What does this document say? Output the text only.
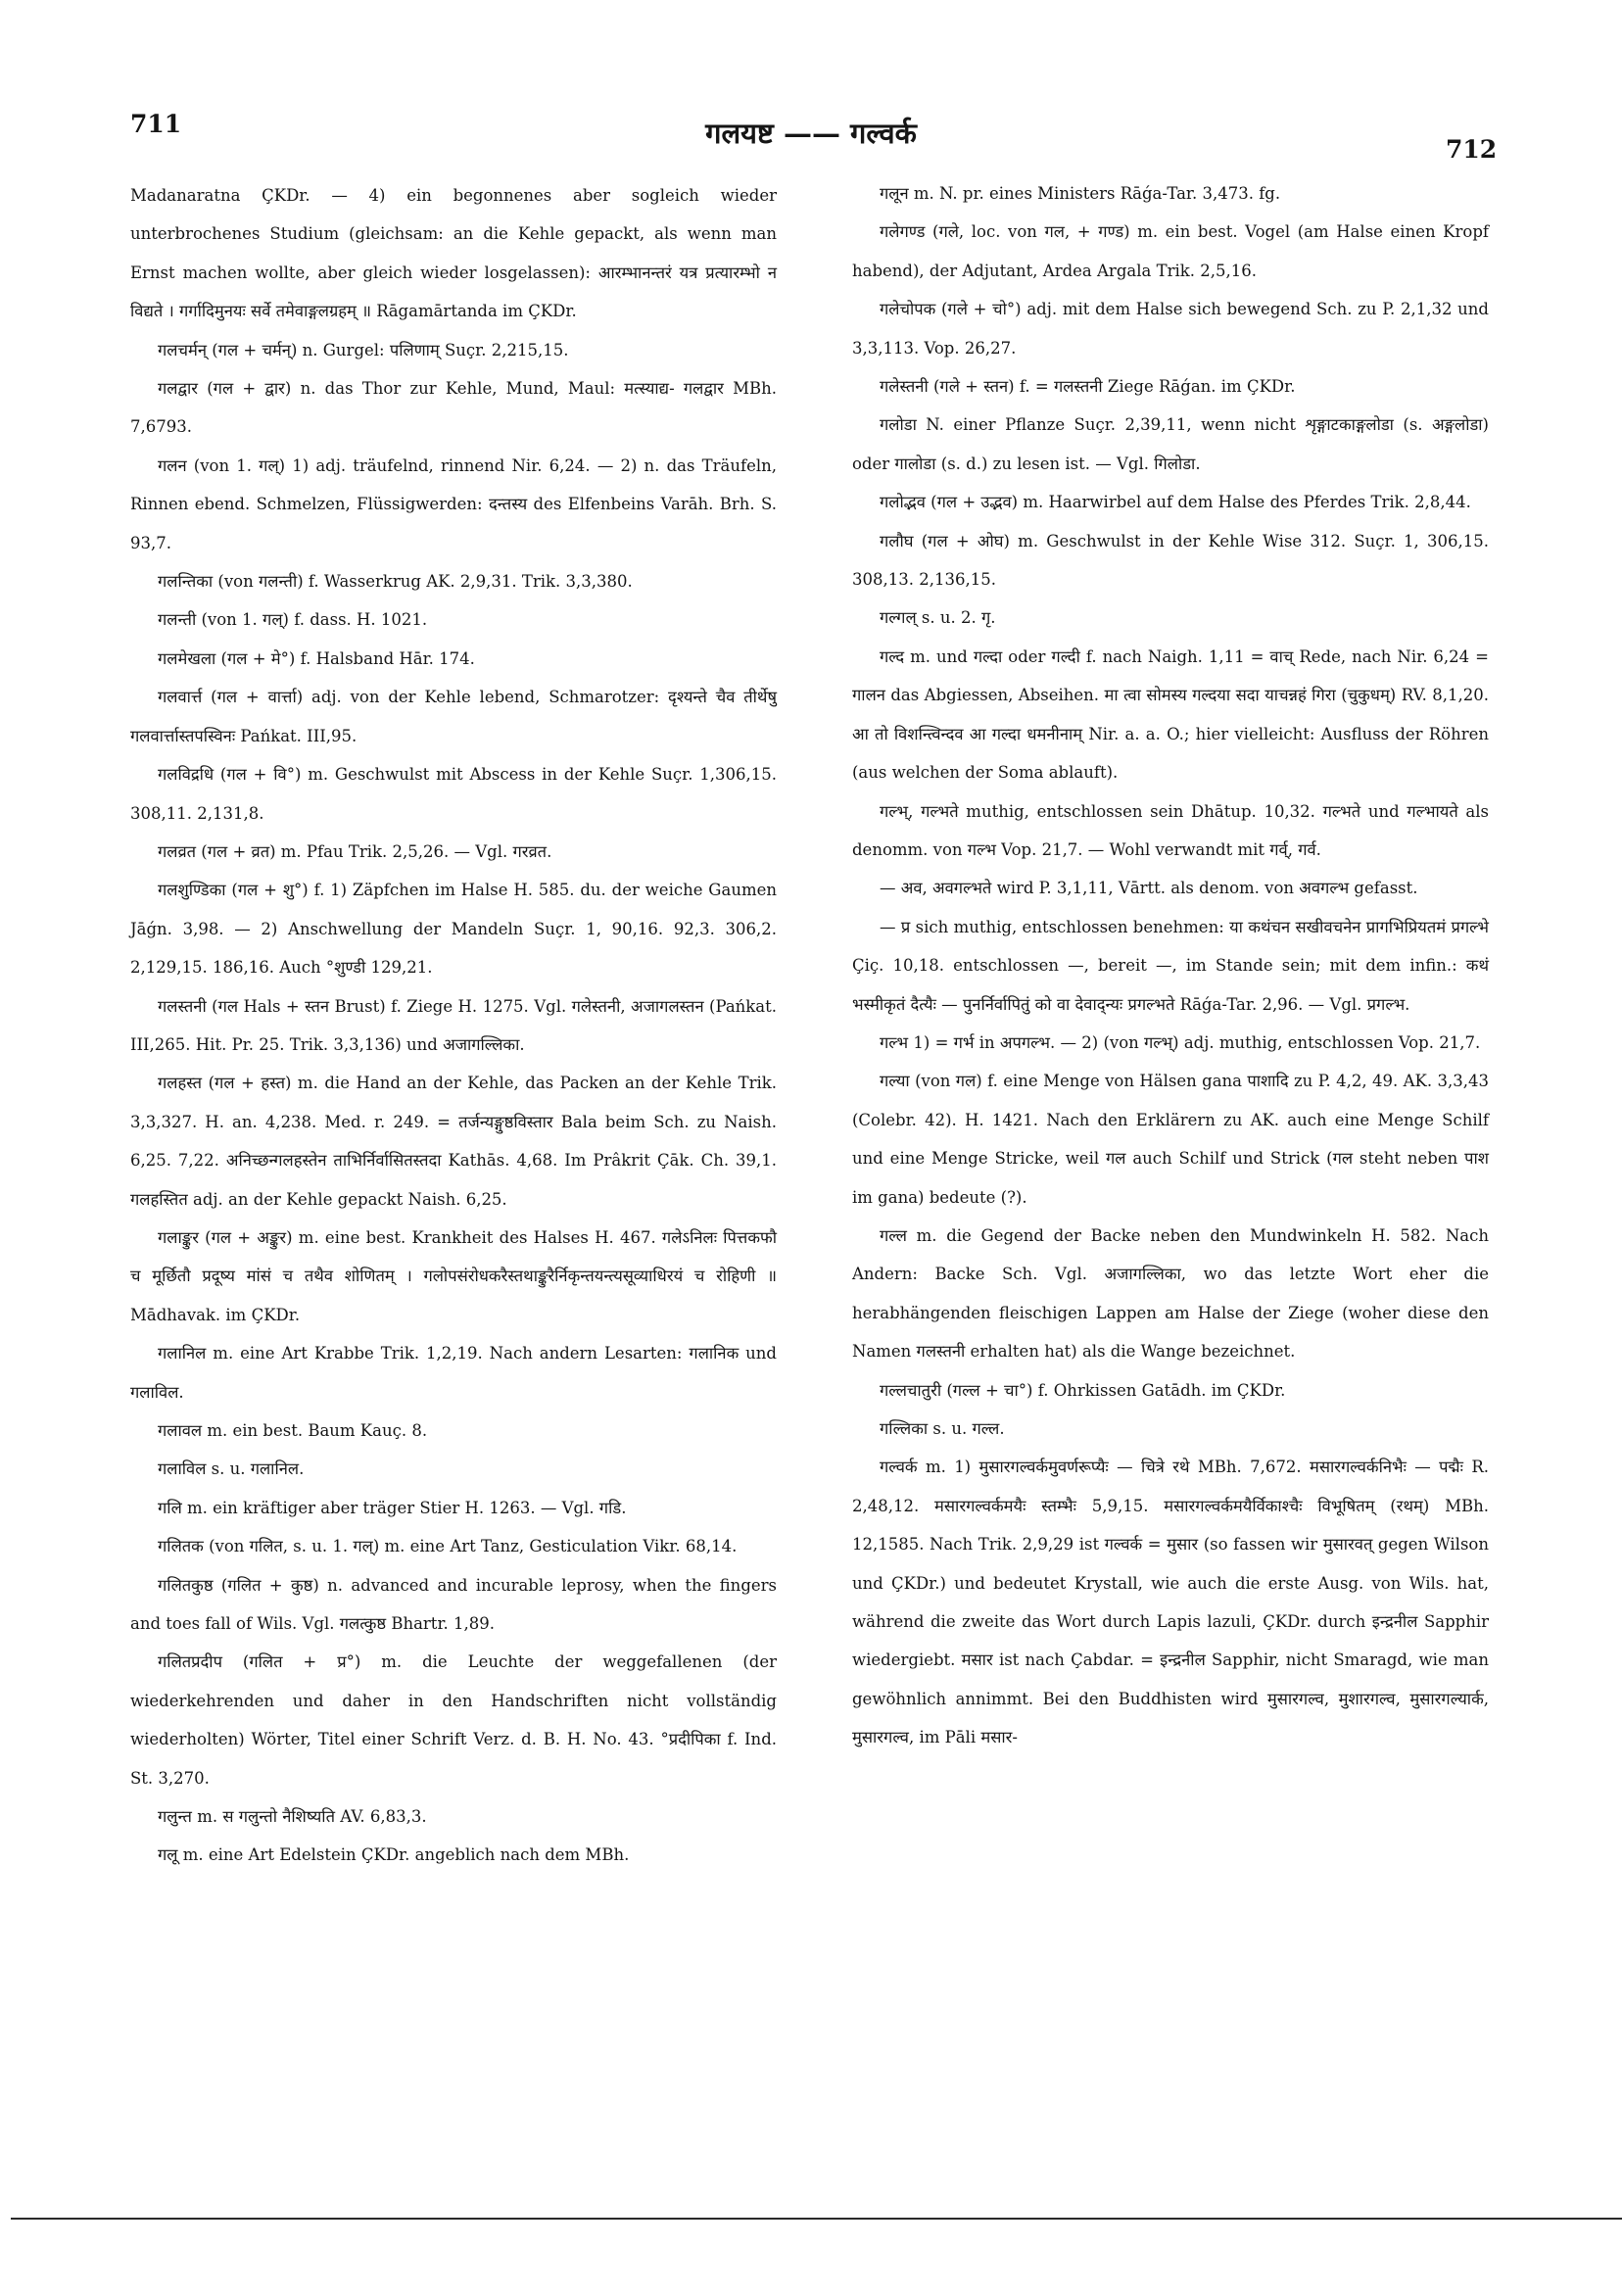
711	गलयष्ट —— गल्वर्क	712

Madanaratna ÇKDr. — 4) ein begonnenes aber sogleich wieder unterbrochenes Studium (gleichsam: an die Kehle gepackt, als wenn man Ernst machen wollte, aber gleich wieder losgelassen): आरम्भानन्तरं यत्र प्रत्यारम्भो न विद्यते । गर्गादिमुनयः सर्वे तमेवाङ्गलग्रहम् ॥ Rāgamārtanda im ÇKDr.

गलचर्मन् (गल + चर्मन्) n. Gurgel: पलिणाम् Suçr. 2,215,15.

गलद्वार (गल + द्वार) n. das Thor zur Kehle, Mund, Maul: मत्स्याद्य- गलद्वार MBh. 7,6793.

गलन (von 1. गल्) 1) adj. träufelnd, rinnend Nir. 6,24. — 2) n. das Träufeln, Rinnen ebend. Schmelzen, Flüssigwerden: दन्तस्य des Elfenbeins Varāh. Brh. S. 93,7.

गलन्तिका (von गलन्ती) f. Wasserkrug AK. 2,9,31. Trik. 3,3,380.

गलन्ती (von 1. गल्) f. dass. H. 1021.

गलमेखला (गल + मे°) f. Halsband Hār. 174.

गलवार्त्त (गल + वार्त्ता) adj. von der Kehle lebend, Schmarotzer: दृश्यन्ते चैव तीर्थेषु गलवार्त्तास्तपस्विनः Pańkat. III,95.

गलविद्रधि (गल + वि°) m. Geschwulst mit Abscess in der Kehle Suçr. 1,306,15. 308,11. 2,131,8.

गलव्रत (गल + व्रत) m. Pfau Trik. 2,5,26. — Vgl. गरव्रत.

गलशुण्डिका (गल + शु°) f. 1) Zäpfchen im Halse H. 585. du. der weiche Gaumen Jāǵn. 3,98. — 2) Anschwellung der Mandeln Suçr. 1, 90,16. 92,3. 306,2. 2,129,15. 186,16. Auch °शुण्डी 129,21.

गलस्तनी (गल Hals + स्तन Brust) f. Ziege H. 1275. Vgl. गलेस्तनी, अजागलस्तन (Pańkat. III,265. Hit. Pr. 25. Trik. 3,3,136) und अजागल्लिका.

गलहस्त (गल + हस्त) m. die Hand an der Kehle, das Packen an der Kehle Trik. 3,3,327. H. an. 4,238. Med. r. 249. = तर्जन्यङ्गुष्ठविस्तार Bala beim Sch. zu Naish. 6,25. 7,22. अनिच्छन्गलहस्तेन ताभिर्निर्वासितस्तदा Kathās. 4,68. Im Prâkrit Çāk. Ch. 39,1. गलहस्तित adj. an der Kehle gepackt Naish. 6,25.

गलाङ्कुर (गल + अङ्कुर) m. eine best. Krankheit des Halses H. 467. गलेऽनिलः पित्तकफौ च मूर्छितौ प्रदूष्य मांसं च तथैव शोणितम् । गलोपसंरोधकरैस्तथाङ्कुरैर्निकृन्तयन्त्यसूव्याधिरयं च रोहिणी ॥ Mādhavak. im ÇKDr.

गलानिल m. eine Art Krabbe Trik. 1,2,19. Nach andern Lesarten: गलानिक und गलाविल.

गलावल m. ein best. Baum Kauç. 8.

गलाविल s. u. गलानिल.

गलि m. ein kräftiger aber träger Stier H. 1263. — Vgl. गडि.

गलितक (von गलित, s. u. 1. गल्) m. eine Art Tanz, Gesticulation Vikr. 68,14.

गलितकुष्ठ (गलित + कुष्ठ) n. advanced and incurable leprosy, when the fingers and toes fall of Wils. Vgl. गलत्कुष्ठ Bhartr. 1,89.

गलितप्रदीप (गलित + प्र°) m. die Leuchte der weggefallenen (der wiederkehrenden und daher in den Handschriften nicht vollständig wiederholten) Wörter, Titel einer Schrift Verz. d. B. H. No. 43. °प्रदीपिका f. Ind. St. 3,270.

गलुन्त m. स गलुन्तो नैशिष्यति AV. 6,83,3.

गलू m. eine Art Edelstein ÇKDr. angeblich nach dem MBh.

गलून m. N. pr. eines Ministers Rāǵa-Tar. 3,473. fg.

गलेगण्ड (गले, loc. von गल, + गण्ड) m. ein best. Vogel (am Halse einen Kropf habend), der Adjutant, Ardea Argala Trik. 2,5,16.

गलेचोपक (गले + चो°) adj. mit dem Halse sich bewegend Sch. zu P. 2,1,32 und 3,3,113. Vop. 26,27.

गलेस्तनी (गले + स्तन) f. = गलस्तनी Ziege Rāǵan. im ÇKDr.

गलोडा N. einer Pflanze Suçr. 2,39,11, wenn nicht शृङ्गाटकाङ्गलोडा (s. अङ्गलोडा) oder गालोडा (s. d.) zu lesen ist. — Vgl. गिलोडा.

गलोद्भव (गल + उद्भव) m. Haarwirbel auf dem Halse des Pferdes Trik. 2,8,44.

गलौघ (गल + ओघ) m. Geschwulst in der Kehle Wise 312. Suçr. 1, 306,15. 308,13. 2,136,15.

गल्गल् s. u. 2. गृ.

गल्द m. und गल्दा oder गल्दी f. nach Naigh. 1,11 = वाच् Rede, nach Nir. 6,24 = गालन das Abgiessen, Abseihen. मा त्वा सोमस्य गल्दया सदा याचन्नहं गिरा (चुकुधम्) RV. 8,1,20. आ तो विशन्त्विन्दव आ गल्दा धमनीनाम् Nir. a. a. O.; hier vielleicht: Ausfluss der Röhren (aus welchen der Soma ablauft).

गल्भ्, गल्भते muthig, entschlossen sein Dhātup. 10,32. गल्भते und गल्भायते als denomm. von गल्भ Vop. 21,7. — Wohl verwandt mit गर्व्, गर्व.

— अव, अवगल्भते wird P. 3,1,11, Vārtt. als denom. von अवगल्भ gefasst.

— प्र sich muthig, entschlossen benehmen: या कथंचन सखीवचनेन प्रागभिप्रियतमं प्रगल्भे Çiç. 10,18. entschlossen —, bereit —, im Stande sein; mit dem infin.: कथं भस्मीकृतं दैत्यैः — पुनर्निर्वापितुं को वा देवाद्न्यः प्रगल्भते Rāǵa-Tar. 2,96. — Vgl. प्रगल्भ.

गल्भ 1) = गर्भ in अपगल्भ. — 2) (von गल्भ्) adj. muthig, entschlossen Vop. 21,7.

गल्या (von गल) f. eine Menge von Hälsen gana पाशादि zu P. 4,2, 49. AK. 3,3,43 (Colebr. 42). H. 1421. Nach den Erklärern zu AK. auch eine Menge Schilf und eine Menge Stricke, weil गल auch Schilf und Strick (गल steht neben पाश im gana) bedeute (?).

गल्ल m. die Gegend der Backe neben den Mundwinkeln H. 582. Nach Andern: Backe Sch. Vgl. अजागल्लिका, wo das letzte Wort eher die herabhängenden fleischigen Lappen am Halse der Ziege (woher diese den Namen गलस्तनी erhalten hat) als die Wange bezeichnet.

गल्लचातुरी (गल्ल + चा°) f. Ohrkissen Gatādh. im ÇKDr.

गल्लिका s. u. गल्ल.

गल्वर्क m. 1) मुसारगल्वर्कमुवर्णरूप्यैः — चित्रे रथे MBh. 7,672. मसारगल्वर्कनिभैः — पद्मैः R. 2,48,12. मसारगल्वर्कमयैः स्तम्भैः 5,9,15. मसारगल्वर्कमयैर्विकाश्चैः विभूषितम् (रथम्) MBh. 12,1585. Nach Trik. 2,9,29 ist गल्वर्क = मुसार (so fassen wir मुसारवत् gegen Wilson und ÇKDr.) und bedeutet Krystall, wie auch die erste Ausg. von Wils. hat, während die zweite das Wort durch Lapis lazuli, ÇKDr. durch इन्द्रनील Sapphir wiedergiebt. मसार ist nach Çabdar. = इन्द्रनील Sapphir, nicht Smaragd, wie man gewöhnlich annimmt. Bei den Buddhisten wird मुसारगल्व, मुशारगल्व, मुसारगल्यार्क, मुसारगल्व, im Pāli मसार-
